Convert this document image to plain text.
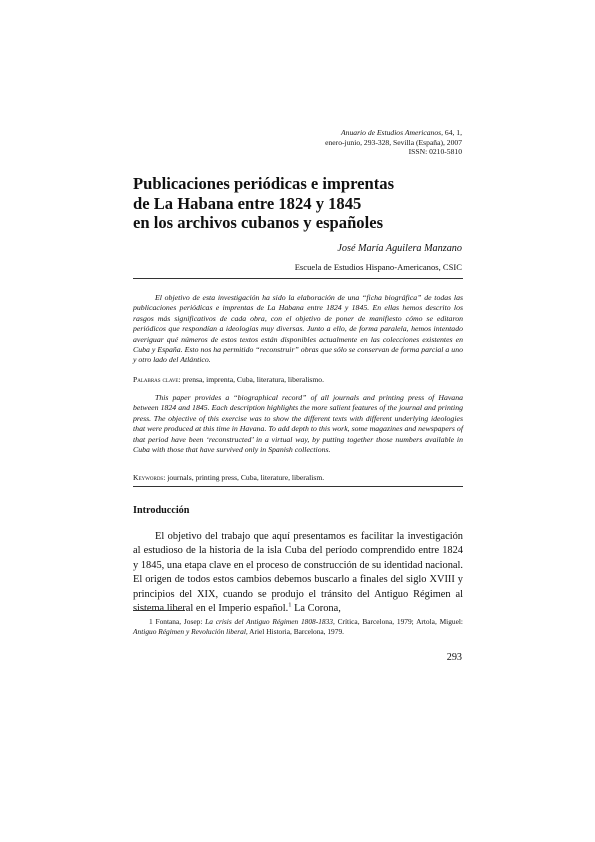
Anuario de Estudios Americanos, 64, 1,
enero-junio, 293-328, Sevilla (España), 2007
ISSN: 0210-5810
Publicaciones periódicas e imprentas
de La Habana entre 1824 y 1845
en los archivos cubanos y españoles
José María Aguilera Manzano
Escuela de Estudios Hispano-Americanos, CSIC

El objetivo de esta investigación ha sido la elaboración de una “ficha biográfica” de todas las publicaciones periódicas e imprentas de La Habana entre 1824 y 1845. En ellas hemos descrito los rasgos más significativos de cada obra, con el objetivo de poner de manifiesto cómo se editaron periódicos que respondían a ideologías muy diversas. Junto a ello, de forma paralela, hemos intentado averiguar qué números de estos textos están disponibles actualmente en las colecciones existentes en Cuba y España. Esto nos ha permitido “reconstruir” obras que sólo se conservan de forma parcial a uno y otro lado del Atlántico.

Palabras clave: prensa, imprenta, Cuba, literatura, liberalismo.

This paper provides a “biographical record” of all journals and printing press of Havana between 1824 and 1845. Each description highlights the more salient features of the journal and printing press. The objective of this exercise was to show the different texts with different underlying ideologies that were produced at this time in Havana. To add depth to this work, some magazines and newspapers of that period have been ‘reconstructed’ in a virtual way, by putting together those numbers available in Cuba with those that have survived only in Spanish collections.

Keywords: journals, printing press, Cuba, literature, liberalism.
Introducción

El objetivo del trabajo que aquí presentamos es facilitar la investigación al estudioso de la historia de la isla Cuba del período comprendido entre 1824 y 1845, una etapa clave en el proceso de construcción de su identidad nacional. El origen de todos estos cambios debemos buscarlo a finales del siglo XVIII y principios del XIX, cuando se produjo el tránsito del Antiguo Régimen al sistema liberal en el Imperio español.$^1$ La Corona,

1 Fontana, Josep: La crisis del Antiguo Régimen 1808-1833, Crítica, Barcelona, 1979; Artola, Miguel: Antiguo Régimen y Revolución liberal, Ariel Historia, Barcelona, 1979.

293
